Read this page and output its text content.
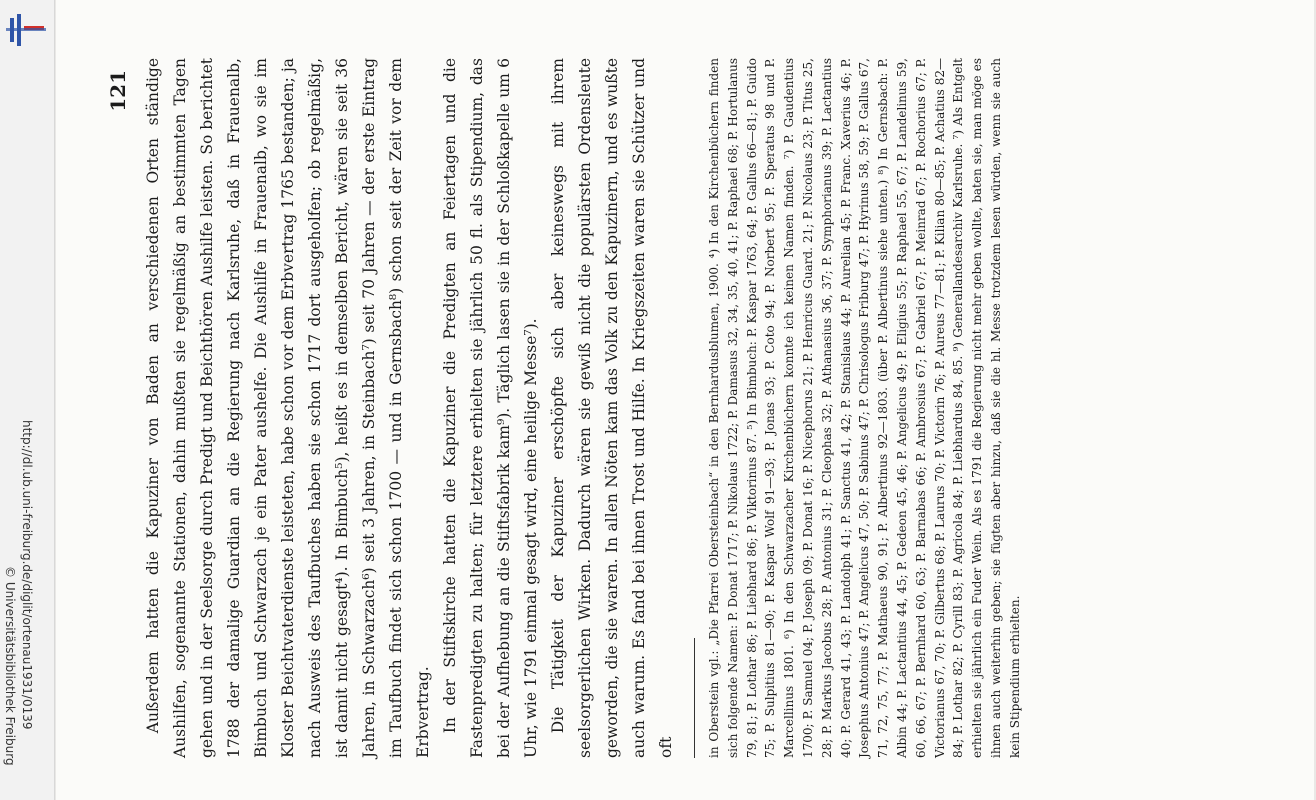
http://dl.ub.uni-freiburg.de/diglit/ortenau1931/0139
© Universitätsbibliothek Freiburg
121 Außerdem hatten die Kapuziner von Baden an verschiedenen Orten ständige Aushilfen, sogenannte Stationen, dahin mußten sie regelmäßig an bestimmten Tagen gehen und in der Seelsorge durch Predigt und Beichthören Aushilfe leisten. So berichtet 1788 der damalige Guardian an die Regierung nach Karlsruhe, daß in Frauenalb, Bimbuch und Schwarzach je ein Pater aushelfe. Die Aushilfe in Frauenalb, wo sie im Kloster Beichtvaterdienste leisteten, habe schon vor dem Erbvertrag 1765 bestanden; ja nach Ausweis des Taufbuches haben sie schon 1717 dort ausgeholfen; ob regelmäßig, ist damit nicht gesagt⁴). In Bimbuch⁵), heißt es in demselben Bericht, wären sie seit 36 Jahren, in Schwarzach⁶) seit 3 Jahren, in Steinbach⁷) seit 70 Jahren — der erste Eintrag im Taufbuch findet sich schon 1700 — und in Gernsbach⁸) schon seit der Zeit vor dem Erbvertrag. In der Stiftskirche hatten die Kapuziner die Predigten an Feiertagen und die Fastenpredigten zu halten; für letztere erhielten sie jährlich 50 fl. als Stipendium, das bei der Aufhebung an die Stiftsfabrik kam⁹). Täglich lasen sie in der Schloßkapelle um 6 Uhr, wie 1791 einmal gesagt wird, eine heilige Messe⁷). Die Tätigkeit der Kapuziner erschöpfte sich aber keineswegs mit ihrem seelsorgerlichen Wirken. Dadurch wären sie gewiß nicht die populärsten Ordensleute geworden, die sie waren. In allen Nöten kam das Volk zu den Kapuzinern, und es wußte auch warum. Es fand bei ihnen Trost und Hilfe. In Kriegszeiten waren sie Schützer und oft	in Oberstein vgl.: „Die Pfarrei Obersteinbach“ in den Bernhardusblumen, 1900. ⁴) In den Kirchenbüchern finden sich folgende Namen: P. Donat 1717; P. Nikolaus 1722; P. Damasus 32, 34, 35, 40, 41; P. Raphael 68; P. Hortulanus 79, 81; P. Lothar 86; P. Liebhard 86; P. Viktorinus 87. ⁵) In Bimbuch: P. Kaspar 1763, 64; P. Gallus 66—81; P. Guido 75; P. Sulpitius 81—90; P. Kaspar Wolf 91—93; P. Jonas 93; P. Coto 94; P. Norbert 95; P. Speratus 98 und P. Marcellinus 1801. ⁶) In den Schwarzacher Kirchenbüchern konnte ich keinen Namen finden. ⁷) P. Gaudentius 1700; P. Samuel 04; P. Joseph 09; P. Donat 16; P. Nicephorus 21; P. Henricus Guard. 21; P. Nicolaus 23; P. Titus 25, 28; P. Markus Jacobus 28; P. Antonius 31; P. Cleophas 32; P. Athanasius 36, 37; P. Symphorianus 39; P. Lactantius 40; P. Gerard 41, 43; P. Landolph 41; P. Sanctus 41, 42; P. Stanislaus 44; P. Aurelian 45; P. Franc. Xaverius 46; P. Josephus Antonius 47; P. Angelicus 47, 50; P. Sabinus 47; P. Chrisologus Friburg 47; P. Hyrinus 58, 59; P. Gallus 67, 71, 72, 75, 77; P. Mathaeus 90, 91; P. Albertinus 92—1803. (über P. Albertinus siehe unten.) ⁸) In Gernsbach: P. Albin 44; P. Lactantius 44, 45; P. Gedeon 45, 46; P. Angelicus 49; P. Eligius 55; P. Raphael 55, 67; P. Landelinus 59, 60, 66, 67; P. Bernhard 60, 63; P. Barnabas 66; P. Ambrosius 67; P. Gabriel 67; P. Meinrad 67; P. Rochorius 67; P. Victorianus 67, 70; P. Gilbertus 68; P. Laurus 70; P. Victorin 76; P. Aureus 77—81; P. Kilian 80—85; P. Achatius 82—84; P. Lothar 82; P. Cyrill 83; P. Agricola 84; P. Liebhardus 84, 85. ⁹) Generallandesarchiv Karlsruhe. ⁷) Als Entgelt erhielten sie jährlich ein Fuder Wein. Als es 1791 die Regierung nicht mehr geben wollte, baten sie, man möge es ihnen auch weiterhin geben; sie fügten aber hinzu, daß sie die hl. Messe trotzdem lesen würden, wenn sie auch kein Stipendium erhielten.
